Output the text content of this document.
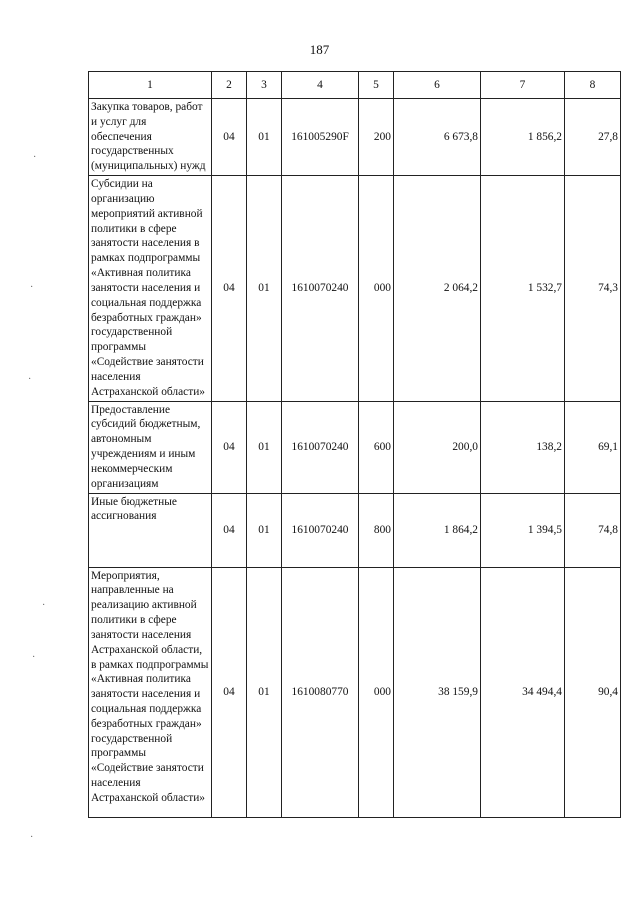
187
·
·
·
·
·
·
1	2	3	4	5	6	7	8
Закупка товаров, работ и услуг для обеспечения государственных (муниципальных) нужд	04	01	161005290F	200	6 673,8	1 856,2	27,8
Субсидии на организацию мероприятий активной политики в сфере занятости населения в рамках подпрограммы «Активная политика занятости населения и социальная поддержка безработных граждан» государственной программы «Содействие занятости населения Астраханской области»	04	01	1610070240	000	2 064,2	1 532,7	74,3
Предоставление субсидий бюджетным, автономным учреждениям и иным некоммерческим организациям	04	01	1610070240	600	200,0	138,2	69,1
Иные бюджетные ассигнования	04	01	1610070240	800	1 864,2	1 394,5	74,8
Мероприятия, направленные на реализацию активной политики в сфере занятости населения Астраханской области, в рамках подпрограммы «Активная политика занятости населения и социальная поддержка безработных граждан» государственной программы «Содействие занятости населения Астраханской области»	04	01	1610080770	000	38 159,9	34 494,4	90,4
